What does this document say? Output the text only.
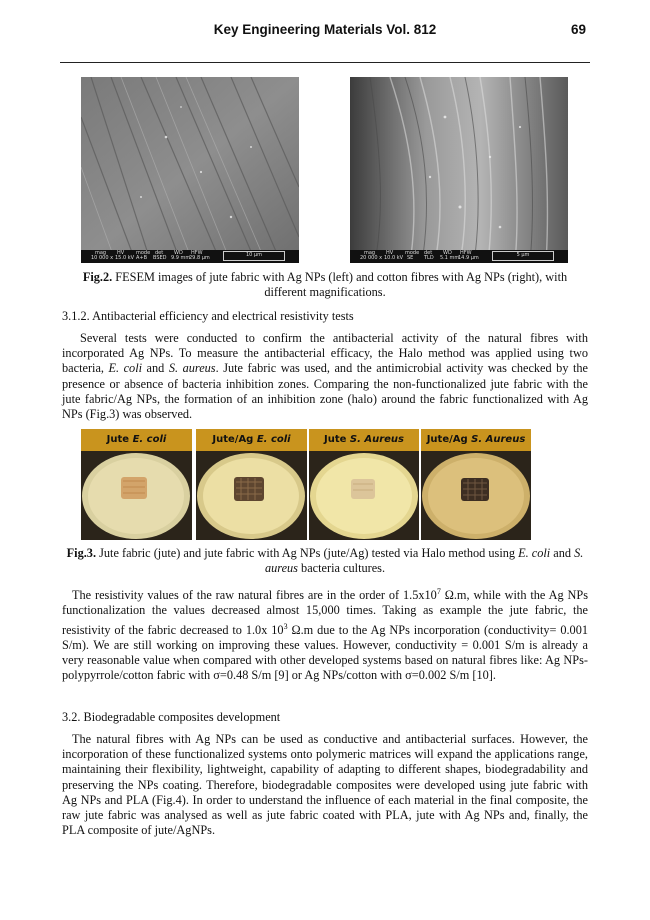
Key Engineering Materials Vol. 812	69
mag HV mode det WD HFW
10 000 x 15.0 kV A+B BSED 9.9 mm
29.8 µm	10 µm	mag HV mode det WD HFW
20 000 x 10.0 kV SE TLD 5.1 mm
14.9 µm	5 µm
Fig.2. FESEM images of jute fabric with Ag NPs (left) and cotton fibres with Ag NPs (right), with different magnifications.
3.1.2. Antibacterial efficiency and electrical resistivity tests
Several tests were conducted to confirm the antibacterial activity of the natural fibres with incorporated Ag NPs. To measure the antibacterial efficacy, the Halo method was applied using two bacteria, E. coli and S. aureus. Jute fabric was used, and the antimicrobial activity was checked by the presence or absence of bacteria inhibition zones. Comparing the non-functionalized jute fabric with the jute fabric/Ag NPs, the formation of an inhibition zone (halo) around the fabric functionalized with Ag NPs (Fig.3) was observed.
Jute E. coli	Jute/Ag E. coli	Jute S. Aureus	Jute/Ag S. Aureus
Fig.3. Jute fabric (jute) and jute fabric with Ag NPs (jute/Ag) tested via Halo method using E. coli and S. aureus bacteria cultures.
The resistivity values of the raw natural fibres are in the order of $1.5x10^7$ Ω.m, while with the Ag NPs functionalization the values decreased almost 15,000 times. Taking as example the jute fabric, the resistivity of the fabric decreased to 1.0x $10^3$ Ω.m due to the Ag NPs incorporation (conductivity= 0.001 S/m). We are still working on improving these values. However, conductivity = 0.001 S/m is already a very reasonable value when compared with other developed systems based on natural fibres like: Ag NPs-polypyrrole/cotton fabric with σ=0.48 S/m [9] or Ag NPs/cotton with σ=0.002 S/m [10].
3.2. Biodegradable composites development
The natural fibres with Ag NPs can be used as conductive and antibacterial surfaces. However, the incorporation of these functionalized systems onto polymeric matrices will expand the applications range, maintaining their flexibility, lightweight, capability of adapting to different shapes, biodegradability and preserving the NPs coating. Therefore, biodegradable composites were developed using jute fabric with Ag NPs and PLA (Fig.4). In order to understand the influence of each material in the final composite, the raw jute fabric was analysed as well as jute fabric coated with PLA, jute with Ag NPs and, finally, the PLA composite of jute/AgNPs.
